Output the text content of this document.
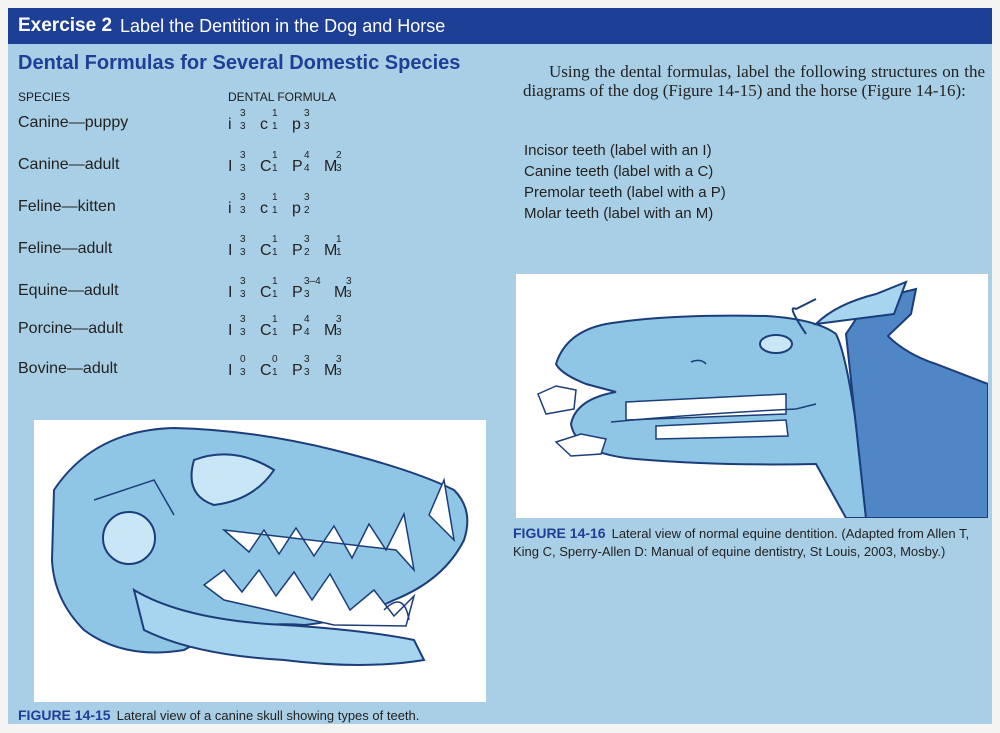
Exercise 2 Label the Dentition in the Dog and Horse
Dental Formulas for Several Domestic Species
SPECIES	DENTAL FORMULA
Canine—puppy
3
i 3
1
c 1
3
p 3
Canine—adult
3
I 3
1
C 1
4
P 4
2
M
3
Feline—kitten
3
i 3
1
c 1
3
p 2
Feline—adult
3
I 3
1
C 1
3
P 2
1
M
1
Equine—adult
3
I 3
1
C 1
3–4
P 3
3
M
3
Porcine—adult
3
I 3
1
C 1
4
P 4
3
M
3
Bovine—adult
0
I 3
0
C 1
3
P 3
3
M
3
Using the dental formulas, label the following structures on the diagrams of the dog (Figure 14-15) and the horse (Figure 14-16):
Incisor teeth (label with an I)
Canine teeth (label with a C)
Premolar teeth (label with a P)
Molar teeth (label with an M)
FIGURE 14-16 Lateral view of normal equine dentition. (Adapted from Allen T, King C, Sperry-Allen D: Manual of equine dentistry, St Louis, 2003, Mosby.)
FIGURE 14-15 Lateral view of a canine skull showing types of teeth.
